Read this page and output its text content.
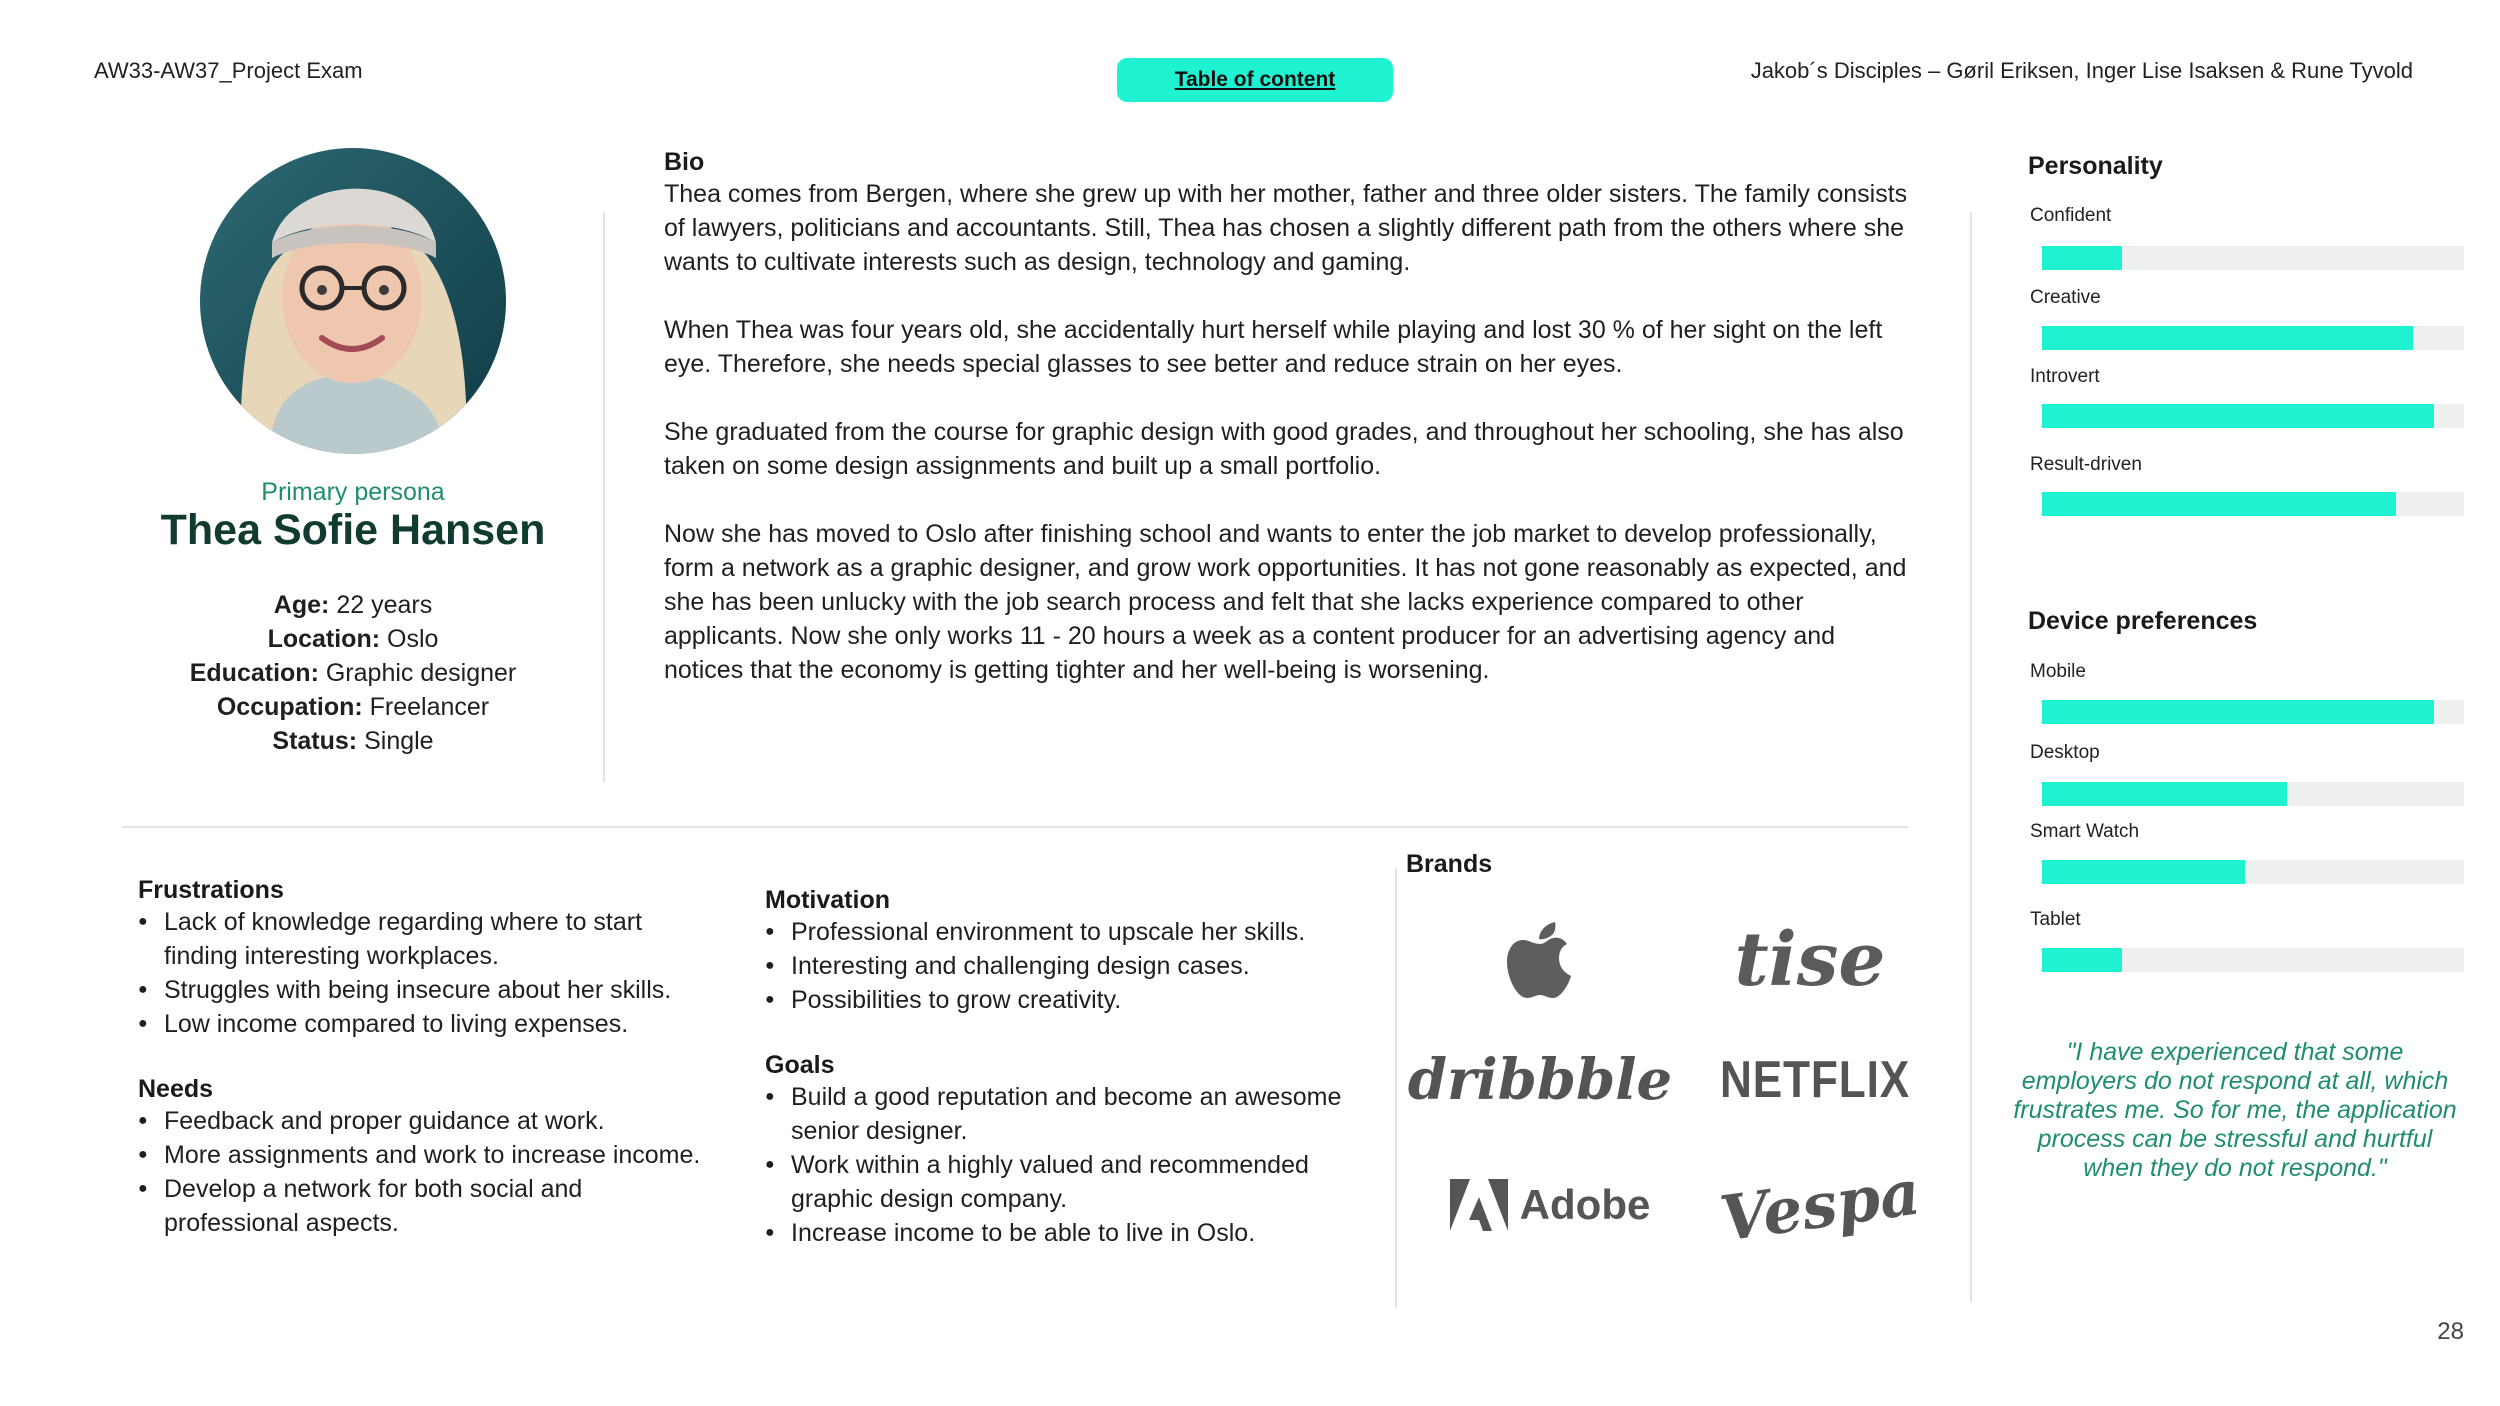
AW33-AW37_Project Exam	Table of content	Jakob´s Disciples – Gøril Eriksen, Inger Lise Isaksen & Rune Tyvold
Primary persona
Thea Sofie Hansen
Age: 22 years
Location: Oslo
Education: Graphic designer
Occupation: Freelancer
Status: Single
Bio

Thea comes from Bergen, where she grew up with her mother, father and three older sisters. The family consists of lawyers, politicians and accountants. Still, Thea has chosen a slightly different path from the others where she wants to cultivate interests such as design, technology and gaming.

When Thea was four years old, she accidentally hurt herself while playing and lost 30 % of her sight on the left eye. Therefore, she needs special glasses to see better and reduce strain on her eyes.

She graduated from the course for graphic design with good grades, and throughout her schooling, she has also taken on some design assignments and built up a small portfolio.

Now she has moved to Oslo after finishing school and wants to enter the job market to develop professionally, form a network as a graphic designer, and grow work opportunities. It has not gone reasonably as expected, and she has been unlucky with the job search process and felt that she lacks experience compared to other applicants. Now she only works 11 - 20 hours a week as a content producer for an advertising agency and notices that the economy is getting tighter and her well-being is worsening.

Frustrations
● Lack of knowledge regarding where to start finding interesting workplaces.
● Struggles with being insecure about her skills.
● Low income compared to living expenses.
Needs
● Feedback and proper guidance at work.
● More assignments and work to increase income.
● Develop a network for both social and professional aspects.
Motivation
● Professional environment to upscale her skills.
● Interesting and challenging design cases.
● Possibilities to grow creativity.
Goals
● Build a good reputation and become an awesome senior designer.
● Work within a highly valued and recommended graphic design company.
● Increase income to be able to live in Oslo.
Brands
tise
dribbble NETFLIX
Adobe Vespa
Personality
Confident
Creative
Introvert
Result-driven
Device preferences
Mobile
Desktop
Smart Watch
Tablet
"I have experienced that some employers do not respond at all, which frustrates me. So for me, the application process can be stressful and hurtful when they do not respond."
28
